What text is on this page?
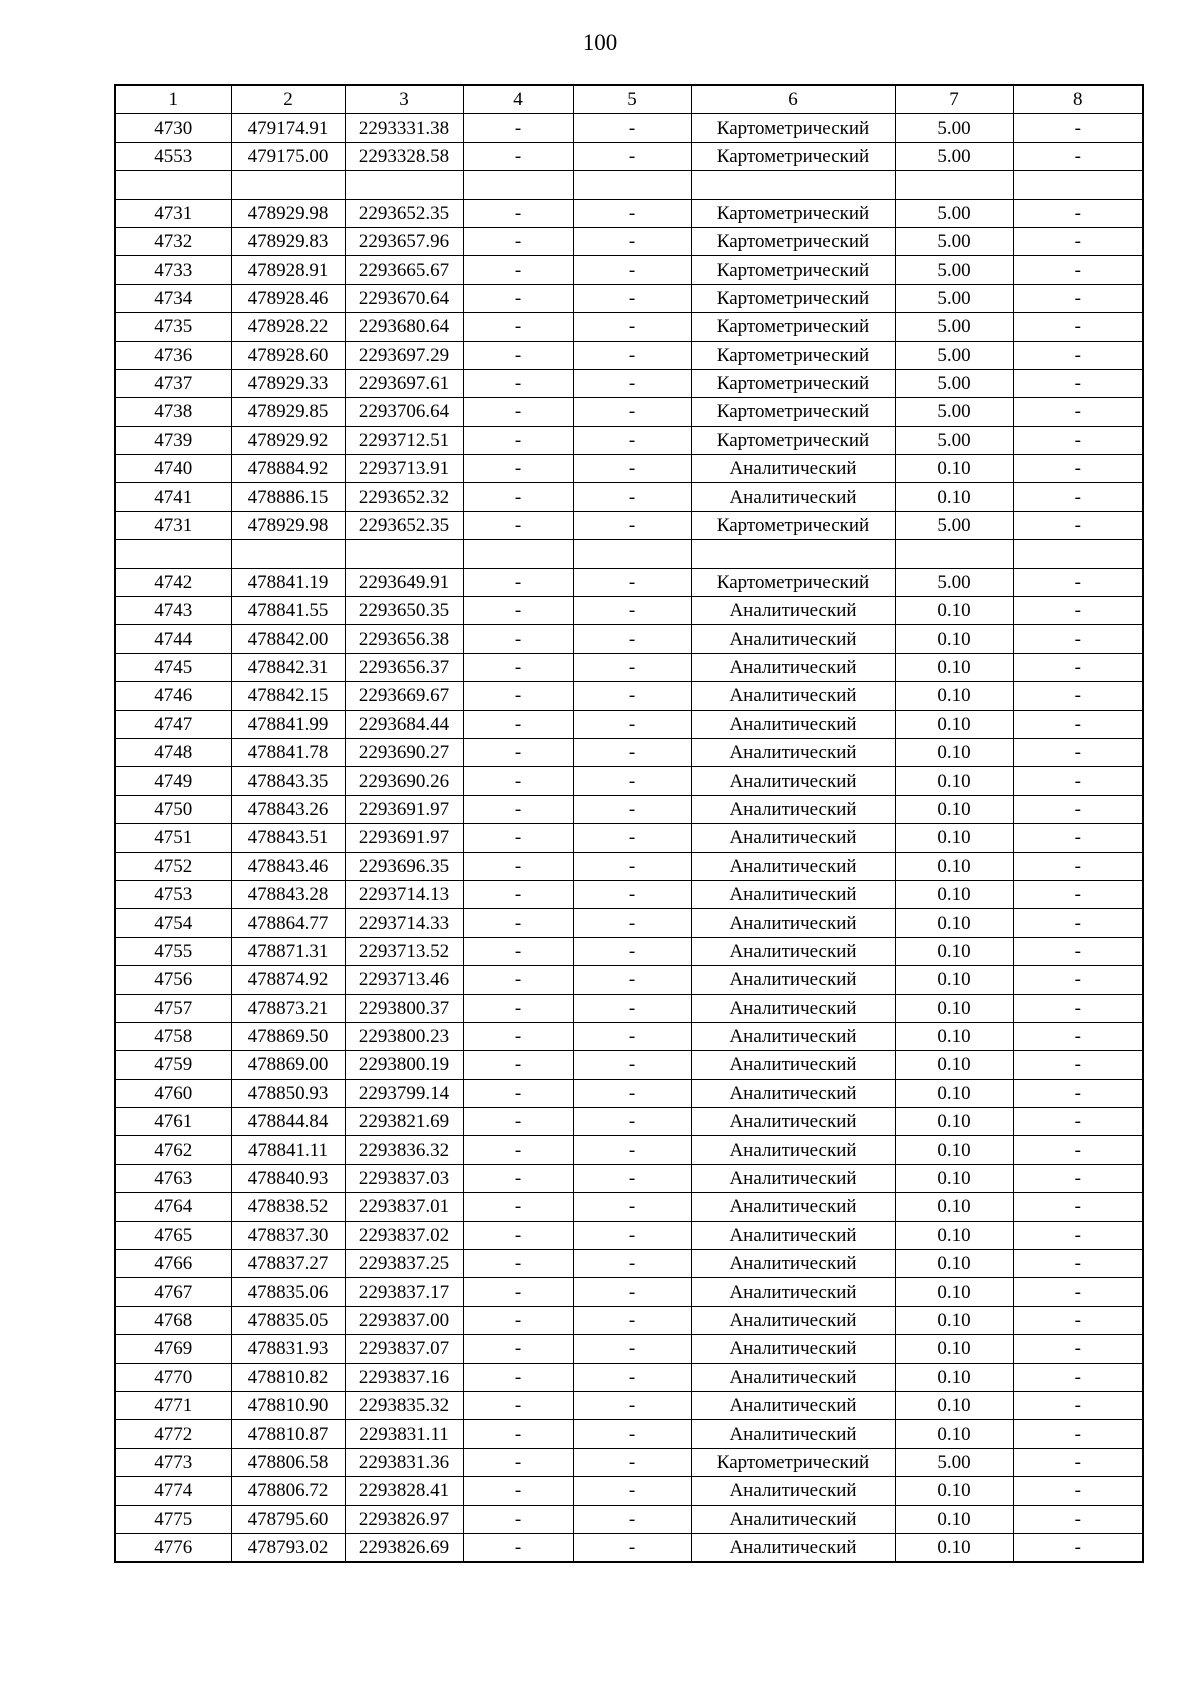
100
1	2	3	4	5	6	7	8
4730	479174.91	2293331.38	-	-	Картометрический	5.00	-
4553	479175.00	2293328.58	-	-	Картометрический	5.00	-

4731	478929.98	2293652.35	-	-	Картометрический	5.00	-
4732	478929.83	2293657.96	-	-	Картометрический	5.00	-
4733	478928.91	2293665.67	-	-	Картометрический	5.00	-
4734	478928.46	2293670.64	-	-	Картометрический	5.00	-
4735	478928.22	2293680.64	-	-	Картометрический	5.00	-
4736	478928.60	2293697.29	-	-	Картометрический	5.00	-
4737	478929.33	2293697.61	-	-	Картометрический	5.00	-
4738	478929.85	2293706.64	-	-	Картометрический	5.00	-
4739	478929.92	2293712.51	-	-	Картометрический	5.00	-
4740	478884.92	2293713.91	-	-	Аналитический	0.10	-
4741	478886.15	2293652.32	-	-	Аналитический	0.10	-
4731	478929.98	2293652.35	-	-	Картометрический	5.00	-

4742	478841.19	2293649.91	-	-	Картометрический	5.00	-
4743	478841.55	2293650.35	-	-	Аналитический	0.10	-
4744	478842.00	2293656.38	-	-	Аналитический	0.10	-
4745	478842.31	2293656.37	-	-	Аналитический	0.10	-
4746	478842.15	2293669.67	-	-	Аналитический	0.10	-
4747	478841.99	2293684.44	-	-	Аналитический	0.10	-
4748	478841.78	2293690.27	-	-	Аналитический	0.10	-
4749	478843.35	2293690.26	-	-	Аналитический	0.10	-
4750	478843.26	2293691.97	-	-	Аналитический	0.10	-
4751	478843.51	2293691.97	-	-	Аналитический	0.10	-
4752	478843.46	2293696.35	-	-	Аналитический	0.10	-
4753	478843.28	2293714.13	-	-	Аналитический	0.10	-
4754	478864.77	2293714.33	-	-	Аналитический	0.10	-
4755	478871.31	2293713.52	-	-	Аналитический	0.10	-
4756	478874.92	2293713.46	-	-	Аналитический	0.10	-
4757	478873.21	2293800.37	-	-	Аналитический	0.10	-
4758	478869.50	2293800.23	-	-	Аналитический	0.10	-
4759	478869.00	2293800.19	-	-	Аналитический	0.10	-
4760	478850.93	2293799.14	-	-	Аналитический	0.10	-
4761	478844.84	2293821.69	-	-	Аналитический	0.10	-
4762	478841.11	2293836.32	-	-	Аналитический	0.10	-
4763	478840.93	2293837.03	-	-	Аналитический	0.10	-
4764	478838.52	2293837.01	-	-	Аналитический	0.10	-
4765	478837.30	2293837.02	-	-	Аналитический	0.10	-
4766	478837.27	2293837.25	-	-	Аналитический	0.10	-
4767	478835.06	2293837.17	-	-	Аналитический	0.10	-
4768	478835.05	2293837.00	-	-	Аналитический	0.10	-
4769	478831.93	2293837.07	-	-	Аналитический	0.10	-
4770	478810.82	2293837.16	-	-	Аналитический	0.10	-
4771	478810.90	2293835.32	-	-	Аналитический	0.10	-
4772	478810.87	2293831.11	-	-	Аналитический	0.10	-
4773	478806.58	2293831.36	-	-	Картометрический	5.00	-
4774	478806.72	2293828.41	-	-	Аналитический	0.10	-
4775	478795.60	2293826.97	-	-	Аналитический	0.10	-
4776	478793.02	2293826.69	-	-	Аналитический	0.10	-
